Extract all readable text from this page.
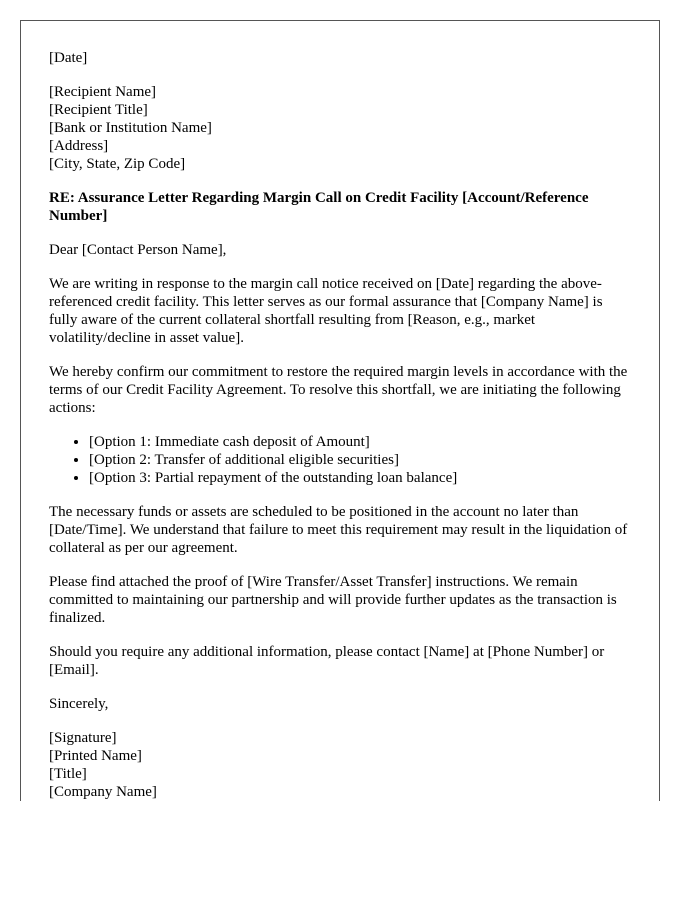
[Date]

[Recipient Name]
[Recipient Title]
[Bank or Institution Name]
[Address]
[City, State, Zip Code]

RE: Assurance Letter Regarding Margin Call on Credit Facility [Account/Reference Number]

Dear [Contact Person Name],

We are writing in response to the margin call notice received on [Date] regarding the above-referenced credit facility. This letter serves as our formal assurance that [Company Name] is fully aware of the current collateral shortfall resulting from [Reason, e.g., market volatility/decline in asset value].

We hereby confirm our commitment to restore the required margin levels in accordance with the terms of our Credit Facility Agreement. To resolve this shortfall, we are initiating the following actions:

• [Option 1: Immediate cash deposit of Amount]
• [Option 2: Transfer of additional eligible securities]
• [Option 3: Partial repayment of the outstanding loan balance]

The necessary funds or assets are scheduled to be positioned in the account no later than [Date/Time]. We understand that failure to meet this requirement may result in the liquidation of collateral as per our agreement.

Please find attached the proof of [Wire Transfer/Asset Transfer] instructions. We remain committed to maintaining our partnership and will provide further updates as the transaction is finalized.

Should you require any additional information, please contact [Name] at [Phone Number] or [Email].

Sincerely,

[Signature]
[Printed Name]
[Title]
[Company Name]
